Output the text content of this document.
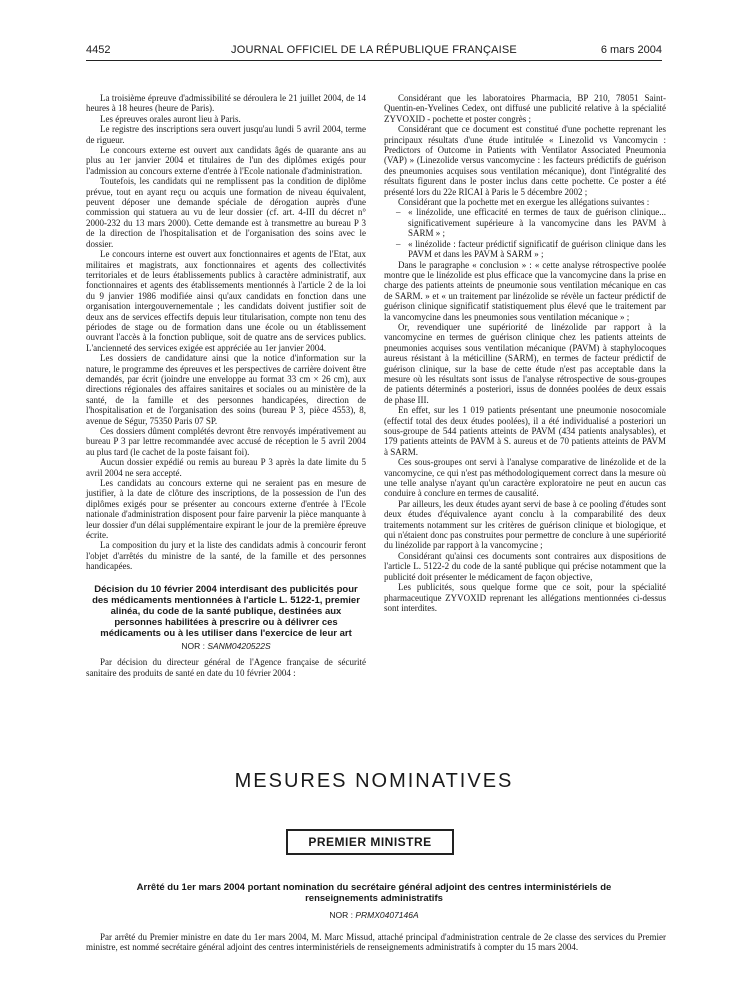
4452	JOURNAL OFFICIEL DE LA RÉPUBLIQUE FRANÇAISE	6 mars 2004

La troisième épreuve d'admissibilité se déroulera le 21 juillet 2004, de 14 heures à 18 heures (heure de Paris).

Les épreuves orales auront lieu à Paris.

Le registre des inscriptions sera ouvert jusqu'au lundi 5 avril 2004, terme de rigueur.

Le concours externe est ouvert aux candidats âgés de quarante ans au plus au 1er janvier 2004 et titulaires de l'un des diplômes exigés pour l'admission au concours externe d'entrée à l'Ecole nationale d'administration.

Toutefois, les candidats qui ne remplissent pas la condition de diplôme prévue, tout en ayant reçu ou acquis une formation de niveau équivalent, peuvent déposer une demande spéciale de dérogation auprès d'une commission qui statuera au vu de leur dossier (cf. art. 4-III du décret n° 2000-232 du 13 mars 2000). Cette demande est à transmettre au bureau P 3 de la direction de l'hospitalisation et de l'organisation des soins avec le dossier.

Le concours interne est ouvert aux fonctionnaires et agents de l'Etat, aux militaires et magistrats, aux fonctionnaires et agents des collectivités territoriales et de leurs établissements publics à caractère administratif, aux fonctionnaires et agents des établissements mentionnés à l'article 2 de la loi du 9 janvier 1986 modifiée ainsi qu'aux candidats en fonction dans une organisation intergouvernementale ; les candidats doivent justifier soit de deux ans de services effectifs depuis leur titularisation, compte non tenu des périodes de stage ou de formation dans une école ou un établissement ouvrant l'accès à la fonction publique, soit de quatre ans de services publics. L'ancienneté des services exigée est appréciée au 1er janvier 2004.

Les dossiers de candidature ainsi que la notice d'information sur la nature, le programme des épreuves et les perspectives de carrière doivent être demandés, par écrit (joindre une enveloppe au format 33 cm × 26 cm), aux directions régionales des affaires sanitaires et sociales ou au ministère de la santé, de la famille et des personnes handicapées, direction de l'hospitalisation et de l'organisation des soins (bureau P 3, pièce 4553), 8, avenue de Ségur, 75350 Paris 07 SP.

Ces dossiers dûment complétés devront être renvoyés impérativement au bureau P 3 par lettre recommandée avec accusé de réception le 5 avril 2004 au plus tard (le cachet de la poste faisant foi).

Aucun dossier expédié ou remis au bureau P 3 après la date limite du 5 avril 2004 ne sera accepté.

Les candidats au concours externe qui ne seraient pas en mesure de justifier, à la date de clôture des inscriptions, de la possession de l'un des diplômes exigés pour se présenter au concours externe d'entrée à l'Ecole nationale d'administration disposent pour faire parvenir la pièce manquante à leur dossier d'un délai supplémentaire expirant le jour de la première épreuve écrite.

La composition du jury et la liste des candidats admis à concourir feront l'objet d'arrêtés du ministre de la santé, de la famille et des personnes handicapées.

Décision du 10 février 2004 interdisant des publicités pour des médicaments mentionnées à l'article L. 5122-1, premier alinéa, du code de la santé publique, destinées aux personnes habilitées à prescrire ou à délivrer ces médicaments ou à les utiliser dans l'exercice de leur art
NOR : SANM0420522S

Par décision du directeur général de l'Agence française de sécurité sanitaire des produits de santé en date du 10 février 2004 :

Considérant que les laboratoires Pharmacia, BP 210, 78051 Saint-Quentin-en-Yvelines Cedex, ont diffusé une publicité relative à la spécialité ZYVOXID - pochette et poster congrès ;

Considérant que ce document est constitué d'une pochette reprenant les principaux résultats d'une étude intitulée « Linezolid vs Vancomycin : Predictors of Outcome in Patients with Ventilator Associated Pneumonia (VAP) » (Linezolide versus vancomycine : les facteurs prédictifs de guérison des pneumonies acquises sous ventilation mécanique), dont l'intégralité des résultats figurent dans le poster inclus dans cette pochette. Ce poster a été présenté lors du 22e RICAI à Paris le 5 décembre 2002 ;

Considérant que la pochette met en exergue les allégations suivantes :

– « linézolide, une efficacité en termes de taux de guérison clinique... significativement supérieure à la vancomycine dans les PAVM à SARM » ;
– « linézolide : facteur prédictif significatif de guérison clinique dans les PAVM et dans les PAVM à SARM » ;

Dans le paragraphe « conclusion » : « cette analyse rétrospective poolée montre que le linézolide est plus efficace que la vancomycine dans la prise en charge des patients atteints de pneumonie sous ventilation mécanique en cas de SARM. » et « un traitement par linézolide se révèle un facteur prédictif de guérison clinique significatif statistiquement plus élevé que le traitement par la vancomycine dans les pneumonies sous ventilation mécanique » ;

Or, revendiquer une supériorité de linézolide par rapport à la vancomycine en termes de guérison clinique chez les patients atteints de pneumonies acquises sous ventilation mécanique (PAVM) à staphylocoques aureus résistant à la méticilline (SARM), en termes de facteur prédictif de guérison clinique, sur la base de cette étude n'est pas acceptable dans la mesure où les résultats sont issus de l'analyse rétrospective de sous-groupes de patients déterminés a posteriori, issus de données poolées de deux essais de phase III.

En effet, sur les 1 019 patients présentant une pneumonie nosocomiale (effectif total des deux études poolées), il a été individualisé a posteriori un sous-groupe de 544 patients atteints de PAVM (434 patients analysables), et 179 patients atteints de PAVM à S. aureus et de 70 patients atteints de PAVM à SARM.

Ces sous-groupes ont servi à l'analyse comparative de linézolide et de la vancomycine, ce qui n'est pas méthodologiquement correct dans la mesure où une telle analyse n'ayant qu'un caractère exploratoire ne peut en aucun cas conduire à conclure en termes de causalité.

Par ailleurs, les deux études ayant servi de base à ce pooling d'études sont deux études d'équivalence ayant conclu à la comparabilité des deux traitements notamment sur les critères de guérison clinique et biologique, et qui n'étaient donc pas construites pour permettre de conclure à une supériorité du linézolide par rapport à la vancomycine ;

Considérant qu'ainsi ces documents sont contraires aux dispositions de l'article L. 5122-2 du code de la santé publique qui précise notamment que la publicité doit présenter le médicament de façon objective,

Les publicités, sous quelque forme que ce soit, pour la spécialité pharmaceutique ZYVOXID reprenant les allégations mentionnées ci-dessus sont interdites.

MESURES NOMINATIVES
PREMIER MINISTRE
Arrêté du 1er mars 2004 portant nomination du secrétaire général adjoint des centres interministériels de renseignements administratifs
NOR : PRMX0407146A
Par arrêté du Premier ministre en date du 1er mars 2004, M. Marc Missud, attaché principal d'administration centrale de 2e classe des services du Premier ministre, est nommé secrétaire général adjoint des centres interministériels de renseignements administratifs à compter du 15 mars 2004.
